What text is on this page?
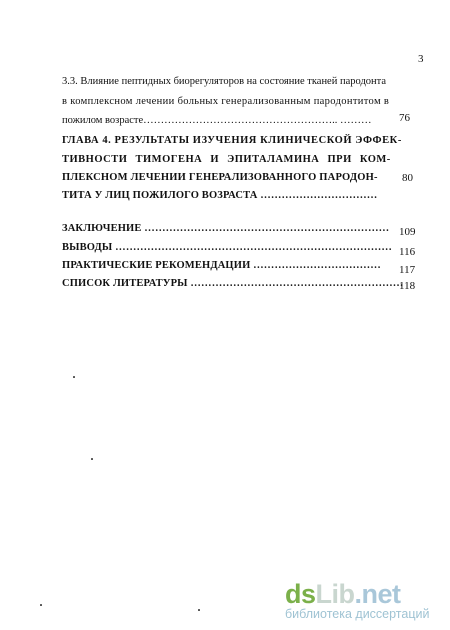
3
3.3. Влияние пептидных биорегуляторов на состояние тканей пародонта
в комплексном лечении больных генерализованным пародонтитом в
пожилом возрасте……………………………………………….. ……… 76
ГЛАВА 4. РЕЗУЛЬТАТЫ ИЗУЧЕНИЯ КЛИНИЧЕСКОЙ ЭФФЕК-
ТИВНОСТИ ТИМОГЕНА И ЭПИТАЛАМИНА ПРИ КОМ-
ПЛЕКСНОМ ЛЕЧЕНИИ ГЕНЕРАЛИЗОВАННОГО ПАРОДОН-
ТИТА У ЛИЦ ПОЖИЛОГО ВОЗРАСТА ……………………………
80
ЗАКЛЮЧЕНИЕ …………………………………………………………… 109
ВЫВОДЫ …………………………………………………………………… 116
ПРАКТИЧЕСКИЕ РЕКОМЕНДАЦИИ ……………………………… 117
СПИСОК ЛИТЕРАТУРЫ ……………………………………………………
118
dsLib.net
библиотека диссертаций
